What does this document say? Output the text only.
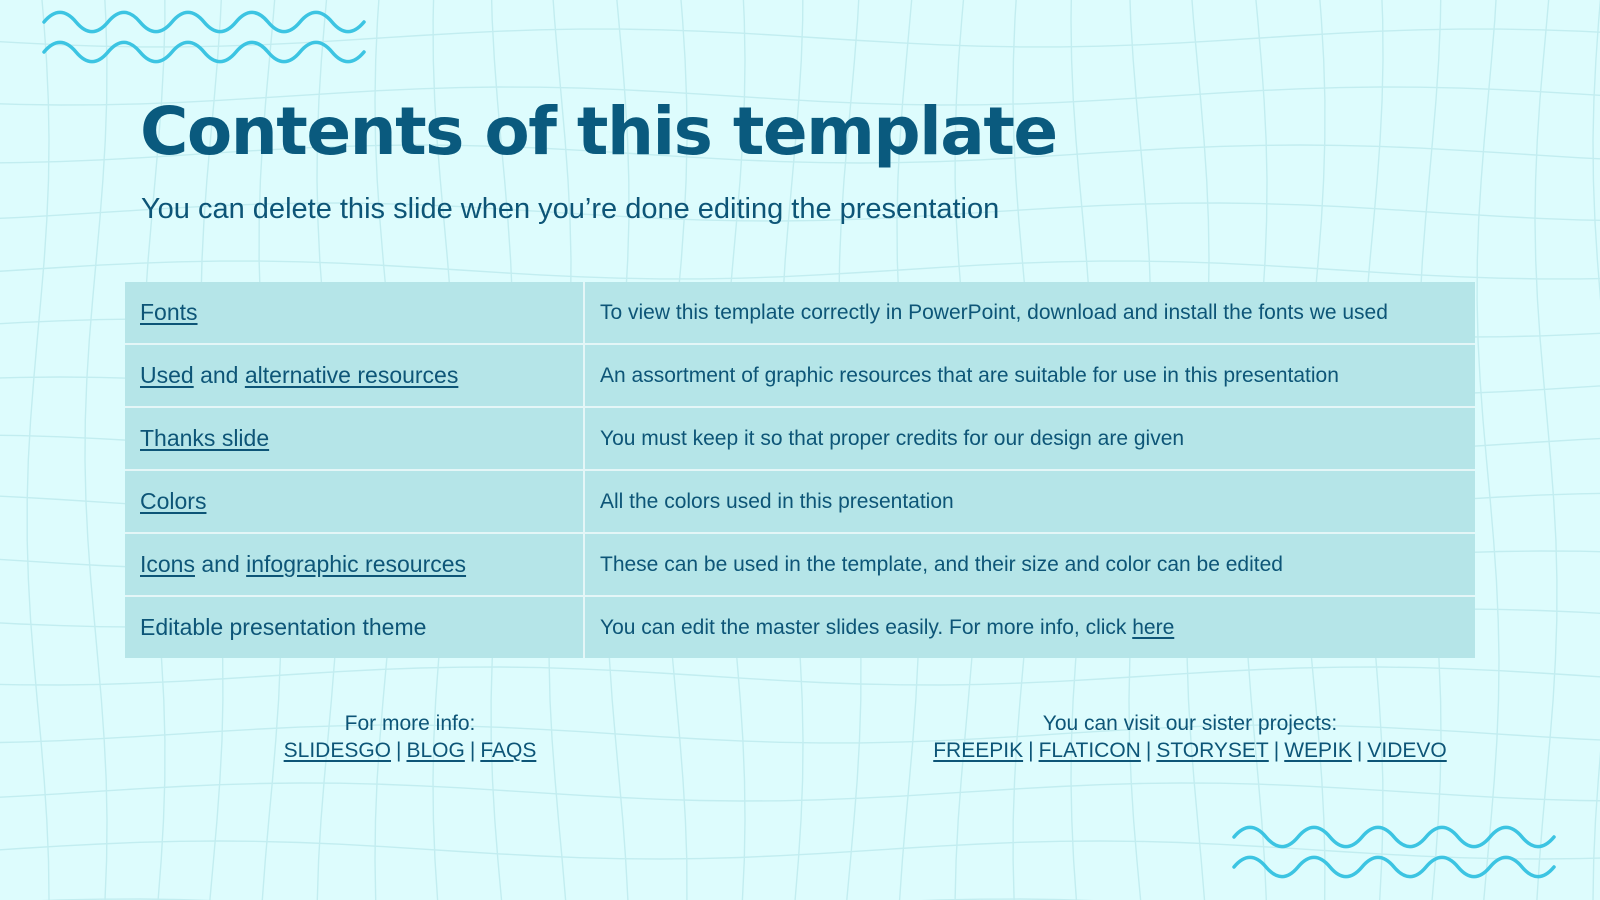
Contents of this template

You can delete this slide when you’re done editing the presentation

Fonts	To view this template correctly in PowerPoint, download and install the fonts we used
Used and alternative resources	An assortment of graphic resources that are suitable for use in this presentation
Thanks slide	You must keep it so that proper credits for our design are given
Colors	All the colors used in this presentation
Icons and infographic resources	These can be used in the template, and their size and color can be edited
Editable presentation theme	You can edit the master slides easily. For more info, click here
For more info:
SLIDESGO | BLOG | FAQS
You can visit our sister projects:
FREEPIK | FLATICON | STORYSET | WEPIK | VIDEVO
